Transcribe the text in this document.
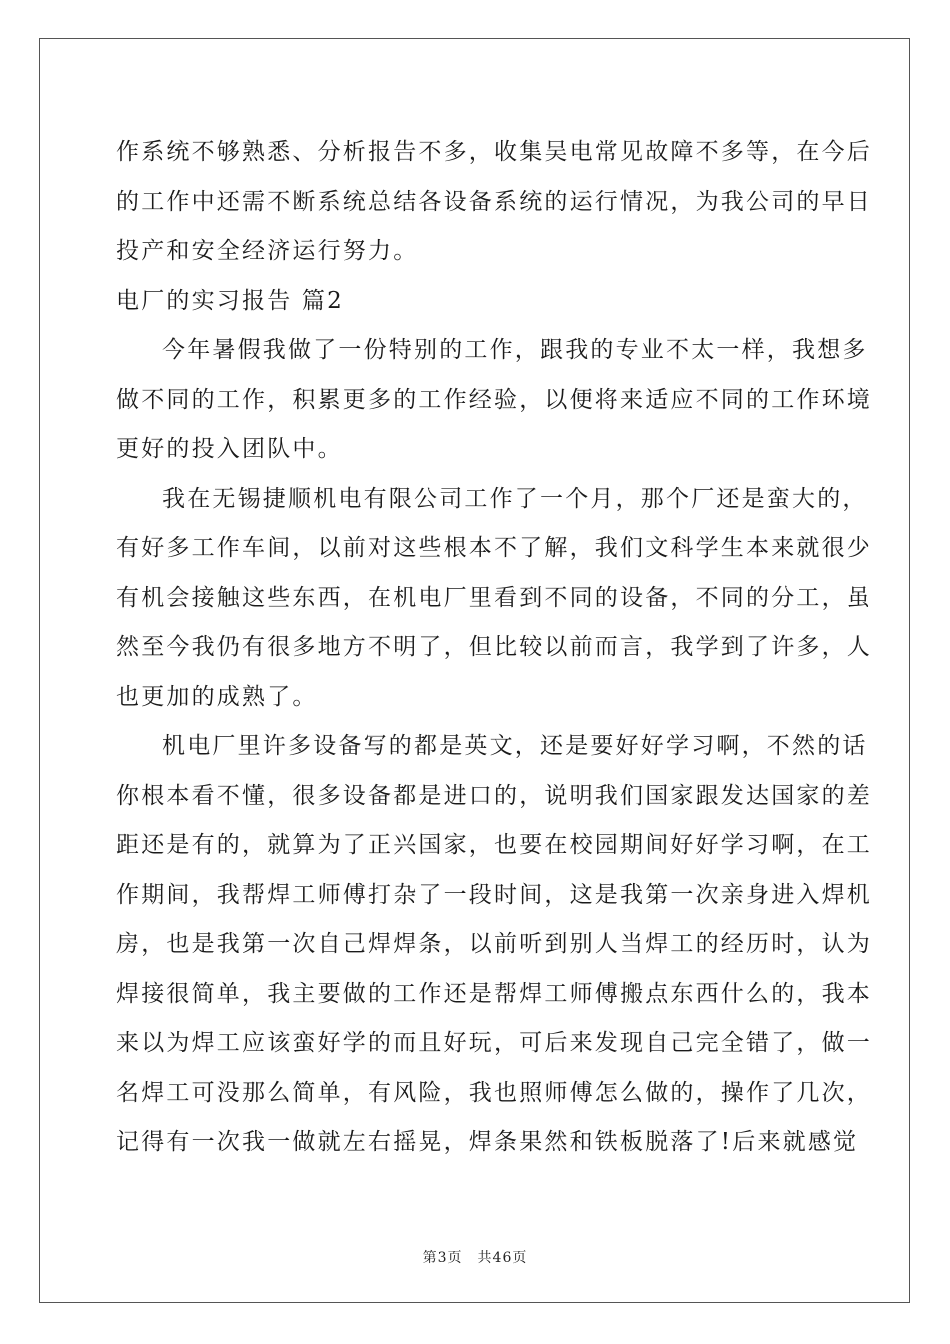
作系统不够熟悉、分析报告不多，收集吴电常见故障不多等，在今后
的工作中还需不断系统总结各设备系统的运行情况，为我公司的早日
投产和安全经济运行努力。
电厂的实习报告 篇2
今年暑假我做了一份特别的工作，跟我的专业不太一样，我想多
做不同的工作，积累更多的工作经验，以便将来适应不同的工作环境
更好的投入团队中。
我在无锡捷顺机电有限公司工作了一个月，那个厂还是蛮大的，
有好多工作车间，以前对这些根本不了解，我们文科学生本来就很少
有机会接触这些东西，在机电厂里看到不同的设备，不同的分工，虽
然至今我仍有很多地方不明了，但比较以前而言，我学到了许多，人
也更加的成熟了。
机电厂里许多设备写的都是英文，还是要好好学习啊，不然的话
你根本看不懂，很多设备都是进口的，说明我们国家跟发达国家的差
距还是有的，就算为了正兴国家，也要在校园期间好好学习啊，在工
作期间，我帮焊工师傅打杂了一段时间，这是我第一次亲身进入焊机
房，也是我第一次自己焊焊条，以前听到别人当焊工的经历时，认为
焊接很简单，我主要做的工作还是帮焊工师傅搬点东西什么的，我本
来以为焊工应该蛮好学的而且好玩，可后来发现自己完全错了，做一
名焊工可没那么简单，有风险，我也照师傅怎么做的，操作了几次，
记得有一次我一做就左右摇晃，焊条果然和铁板脱落了!后来就感觉
第3页　共46页
